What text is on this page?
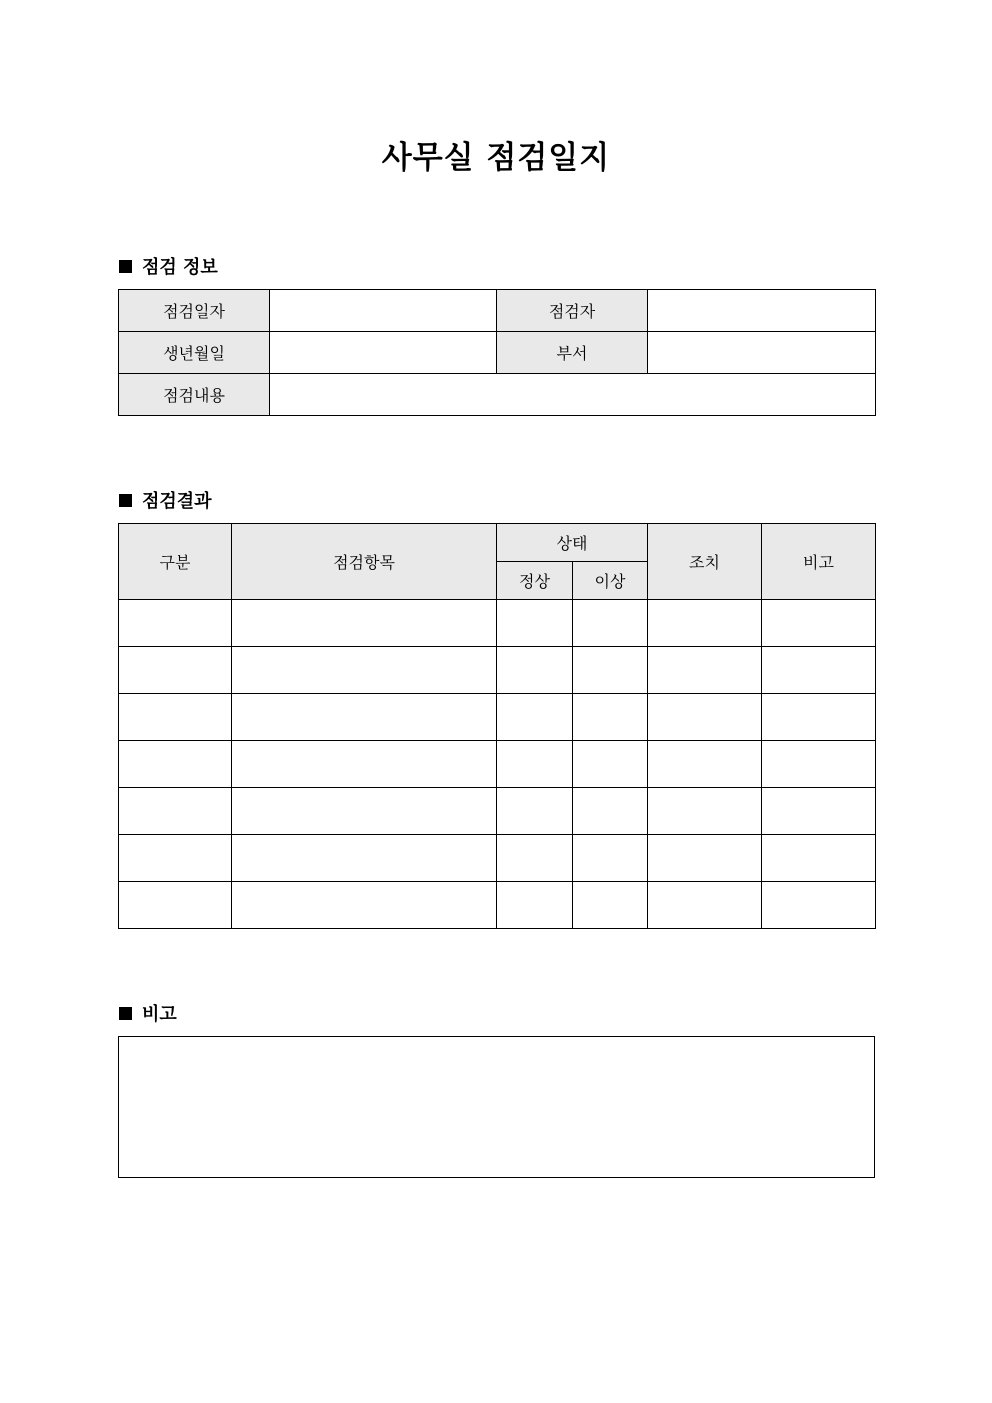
사무실 점검일지
점검 정보
점검일자		점검자	
생년월일		부서	
점검내용			
점검결과
구분	점검항목	상태		조치	비고
		정상	이상		

비고
